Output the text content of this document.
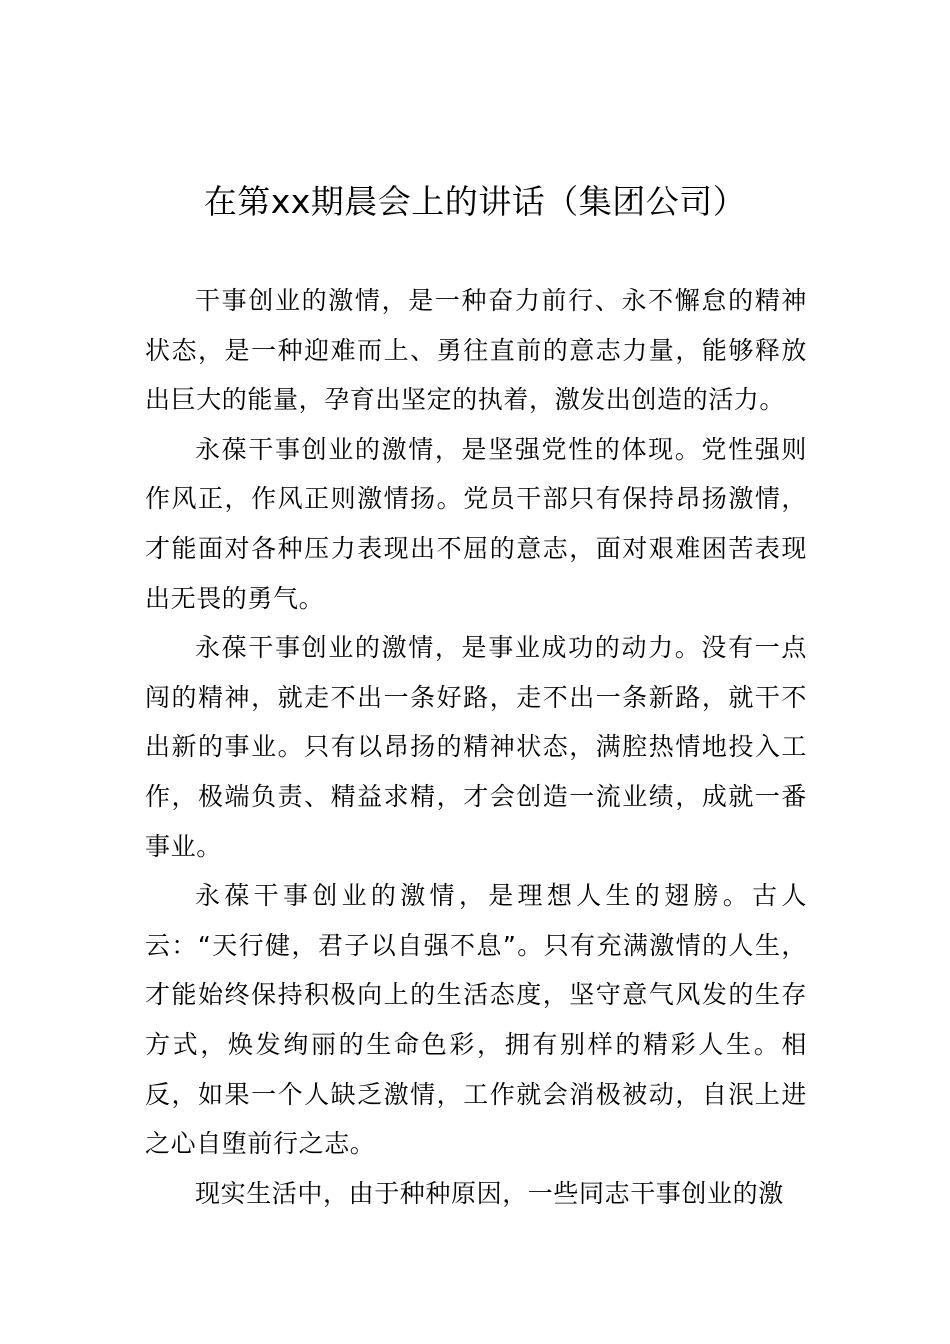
在第xx期晨会上的讲话（集团公司）

干事创业的激情，是一种奋力前行、永不懈怠的精神状态，是一种迎难而上、勇往直前的意志力量，能够释放出巨大的能量，孕育出坚定的执着，激发出创造的活力。

永葆干事创业的激情，是坚强党性的体现。党性强则作风正，作风正则激情扬。党员干部只有保持昂扬激情，才能面对各种压力表现出不屈的意志，面对艰难困苦表现出无畏的勇气。

永葆干事创业的激情，是事业成功的动力。没有一点闯的精神，就走不出一条好路，走不出一条新路，就干不出新的事业。只有以昂扬的精神状态，满腔热情地投入工作，极端负责、精益求精，才会创造一流业绩，成就一番事业。

永葆干事创业的激情，是理想人生的翅膀。古人云：“天行健，君子以自强不息”。只有充满激情的人生，才能始终保持积极向上的生活态度，坚守意气风发的生存方式，焕发绚丽的生命色彩，拥有别样的精彩人生。相反，如果一个人缺乏激情，工作就会消极被动，自泯上进之心自堕前行之志。

现实生活中，由于种种原因，一些同志干事创业的激
